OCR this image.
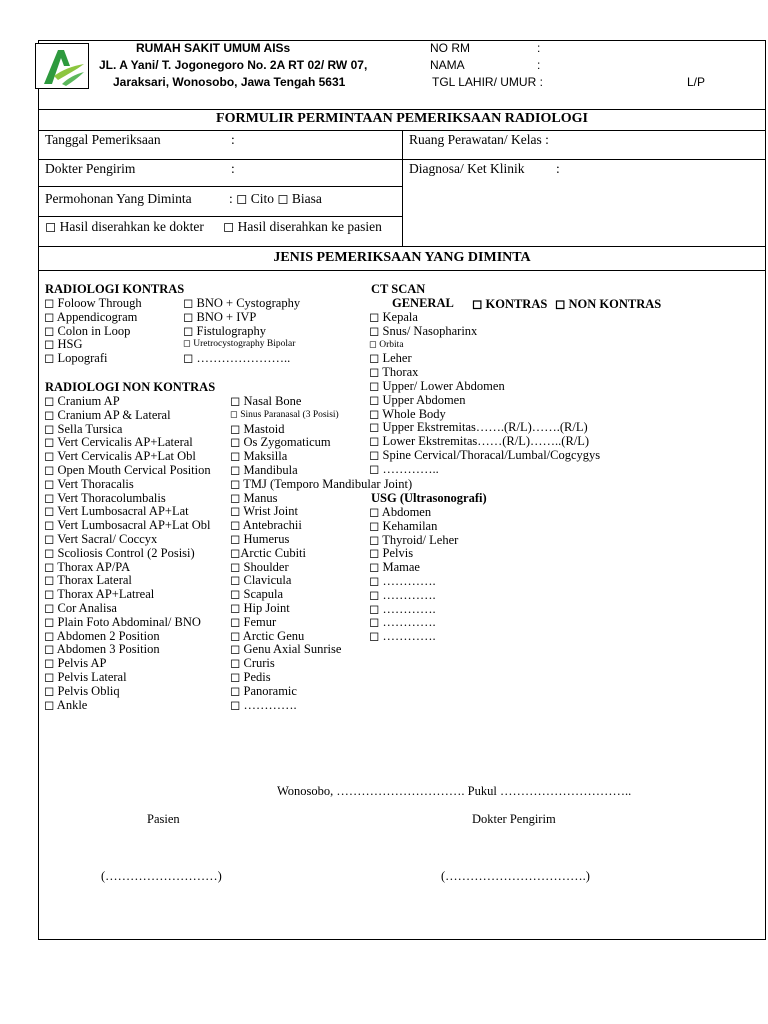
RUMAH SAKIT UMUM AISs
JL. A Yani/ T. Jogonegoro No. 2A RT 02/ RW 07,
Jaraksari, Wonosobo, Jawa Tengah 5631
NO RM	:
NAMA	:
TGL LAHIR/ UMUR :	L/P
FORMULIR PERMINTAAN PEMERIKSAAN RADIOLOGI
Tanggal Pemeriksaan	:	Ruang Perawatan/ Kelas :
Dokter Pengirim	:	Diagnosa/ Ket Klinik :
Permohonan Yang Diminta	: ◻ Cito ◻ Biasa
◻ Hasil diserahkan ke dokter ◻ Hasil diserahkan ke pasien
JENIS PEMERIKSAAN YANG DIMINTA
RADIOLOGI KONTRAS
◻ Foloow Through
◻ Appendicogram
◻ Colon in Loop
◻ HSG
◻ Lopografi
◻ BNO + Cystography
◻ BNO + IVP
◻ Fistulography
◻ Uretrocystography Bipolar
◻ …………………..
RADIOLOGI NON KONTRAS
◻ Cranium AP
◻ Cranium AP & Lateral
◻ Sella Tursica
◻ Vert Cervicalis AP+Lateral
◻ Vert Cervicalis AP+Lat Obl
◻ Open Mouth Cervical Position
◻ Vert Thoracalis
◻ Vert Thoracolumbalis
◻ Vert Lumbosacral AP+Lat
◻ Vert Lumbosacral AP+Lat Obl
◻ Vert Sacral/ Coccyx
◻ Scoliosis Control (2 Posisi)
◻ Thorax AP/PA
◻ Thorax Lateral
◻ Thorax AP+Latreal
◻ Cor Analisa
◻ Plain Foto Abdominal/ BNO
◻ Abdomen 2 Position
◻ Abdomen 3 Position
◻ Pelvis AP
◻ Pelvis Lateral
◻ Pelvis Obliq
◻ Ankle
◻ Nasal Bone
◻ Sinus Paranasal (3 Posisi)
◻ Mastoid
◻ Os Zygomaticum
◻ Maksilla
◻ Mandibula
◻ TMJ (Temporo Mandibular Joint)
◻ Manus
◻ Wrist Joint
◻ Antebrachii
◻ Humerus
◻Arctic Cubiti
◻ Shoulder
◻ Clavicula
◻ Scapula
◻ Hip Joint
◻ Femur
◻ Arctic Genu
◻ Genu Axial Sunrise
◻ Cruris
◻ Pedis
◻ Panoramic
◻ ………….
CT SCAN
GENERAL ◻ KONTRAS ◻ NON KONTRAS
◻ Kepala
◻ Snus/ Nasopharinx
◻ Orbita
◻ Leher
◻ Thorax
◻ Upper/ Lower Abdomen
◻ Upper Abdomen
◻ Whole Body
◻ Upper Ekstremitas…….(R/L)…….(R/L)
◻ Lower Ekstremitas……(R/L)……..(R/L)
◻ Spine Cervical/Thoracal/Lumbal/Cogcygys
◻ …………..
USG (Ultrasonografi)
◻ Abdomen
◻ Kehamilan
◻ Thyroid/ Leher
◻ Pelvis
◻ Mamae
◻ ………….
◻ ………….
◻ ………….
◻ ………….
◻ ………….
Wonosobo, …………………………. Pukul …………………………..
Pasien	Dokter Pengirim
(………………………)	(…………………………….)
